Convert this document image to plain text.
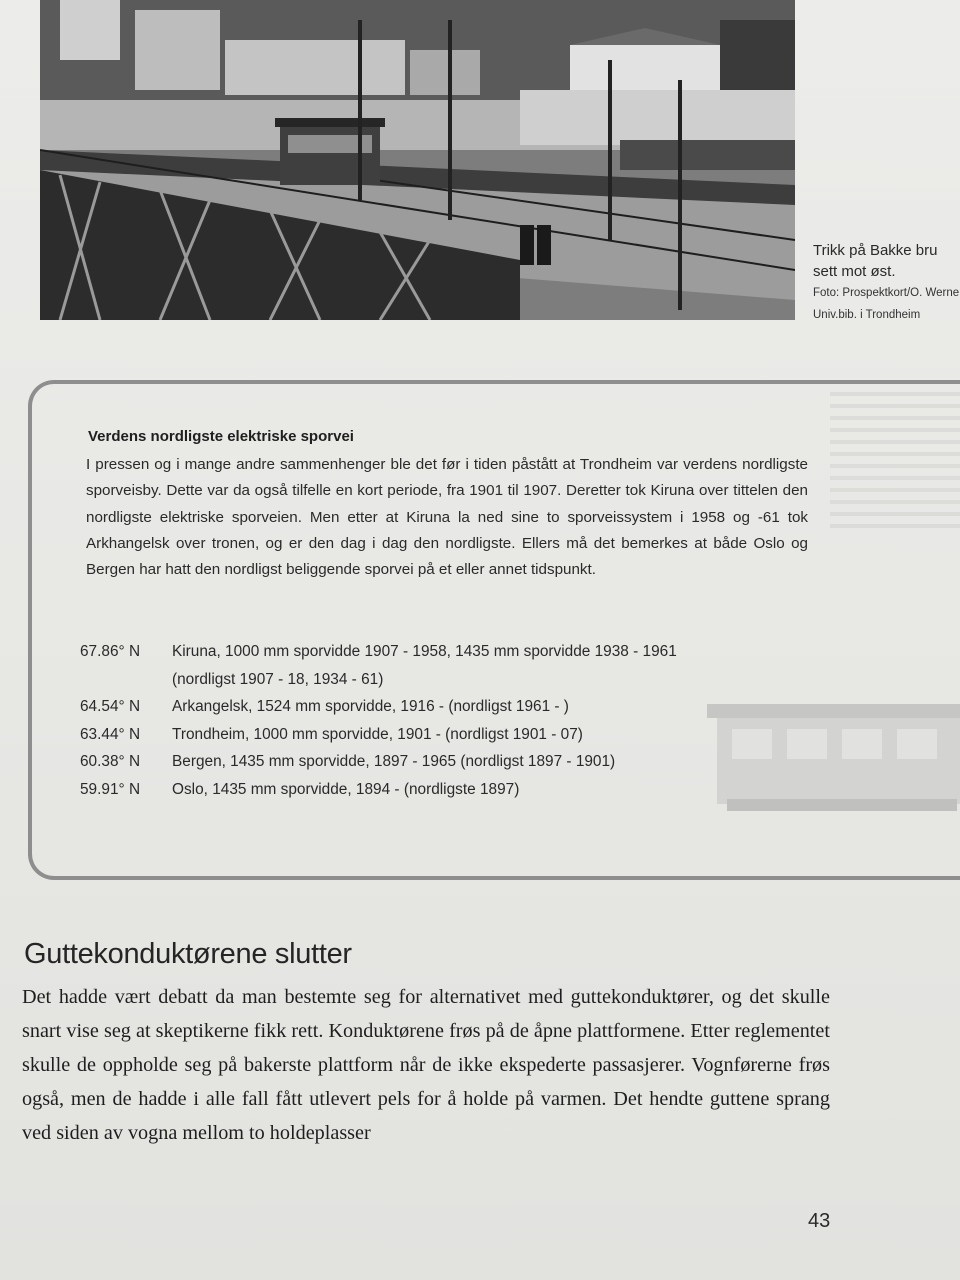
Trikk på Bakke bru
sett mot øst.
Foto: Prospektkort/O. Werne
Univ.bib. i Trondheim
Verdens nordligste elektriske sporvei
I pressen og i mange andre sammenhenger ble det før i tiden påstått at Trondheim var verdens nordligste sporveisby. Dette var da også tilfelle en kort periode, fra 1901 til 1907. Deretter tok Kiruna over tittelen den nordligste elektriske sporveien. Men etter at Kiruna la ned sine to sporveissystem i 1958 og -61 tok Arkhangelsk over tronen, og er den dag i dag den nordligste. Ellers må det bemerkes at både Oslo og Bergen har hatt den nordligst beliggende sporvei på et eller annet tidspunkt.
67.86° N	Kiruna, 1000 mm sporvidde 1907 - 1958, 1435 mm sporvidde 1938 - 1961
(nordligst 1907 - 18, 1934 - 61)
64.54° N	Arkangelsk, 1524 mm sporvidde, 1916 - (nordligst 1961 - )
63.44° N	Trondheim, 1000 mm sporvidde, 1901 - (nordligst 1901 - 07)
60.38° N	Bergen, 1435 mm sporvidde, 1897 - 1965 (nordligst 1897 - 1901)
59.91° N	Oslo, 1435 mm sporvidde, 1894 - (nordligste 1897)
Guttekonduktørene slutter
Det hadde vært debatt da man bestemte seg for alternativet med guttekonduktører, og det skulle snart vise seg at skeptikerne fikk rett. Konduktørene frøs på de åpne plattformene. Etter reglementet skulle de oppholde seg på bakerste plattform når de ikke ekspederte passasjerer. Vognførerne frøs også, men de hadde i alle fall fått utlevert pels for å holde på varmen. Det hendte guttene sprang ved siden av vogna mellom to holdeplasser
43
